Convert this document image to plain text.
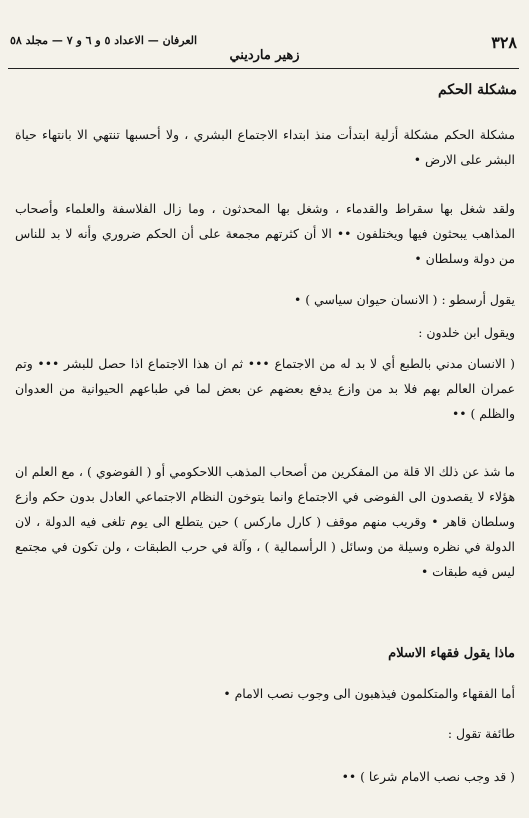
٣٢٨
العرفان — الاعداد ٥ و ٦ و ٧ — مجلد ٥٨
زهير مارديني
مشكلة الحكم

مشكلة الحكم مشكلة أزلية ابتدأت منذ ابتداء الاجتماع البشري ، ولا أحسبها تنتهي الا بانتهاء حياة البشر على الارض •

ولقد شغل بها سقراط والقدماء ، وشغل بها المحدثون ، وما زال الفلاسفة والعلماء وأصحاب المذاهب يبحثون فيها ويختلفون •• الا أن كثرتهم مجمعة على أن الحكم ضروري وأنه لا بد للناس من دولة وسلطان •

يقول أرسطو : ( الانسان حيوان سياسي ) •

ويقول ابن خلدون :

( الانسان مدني بالطبع أي لا بد له من الاجتماع ••• ثم ان هذا الاجتماع اذا حصل للبشر ••• وتم عمران العالم بهم فلا بد من وازع يدفع بعضهم عن بعض لما في طباعهم الحيوانية من العدوان والظلم ) ••

ما شذ عن ذلك الا قلة من المفكرين من أصحاب المذهب اللاحكومي أو ( الفوضوي ) ، مع العلم ان هؤلاء لا يقصدون الى الفوضى في الاجتماع وانما يتوخون النظام الاجتماعي العادل بدون حكم وازع وسلطان قاهر • وقريب منهم موقف ( كارل ماركس ) حين يتطلع الى يوم تلغى فيه الدولة ، لان الدولة في نظره وسيلة من وسائل ( الرأسمالية ) ، وآلة في حرب الطبقات ، ولن تكون في مجتمع ليس فيه طبقات •

ماذا يقول فقهاء الاسلام

أما الفقهاء والمتكلمون فيذهبون الى وجوب نصب الامام •

طائفة تقول :

( قد وجب نصب الامام شرعا ) ••
